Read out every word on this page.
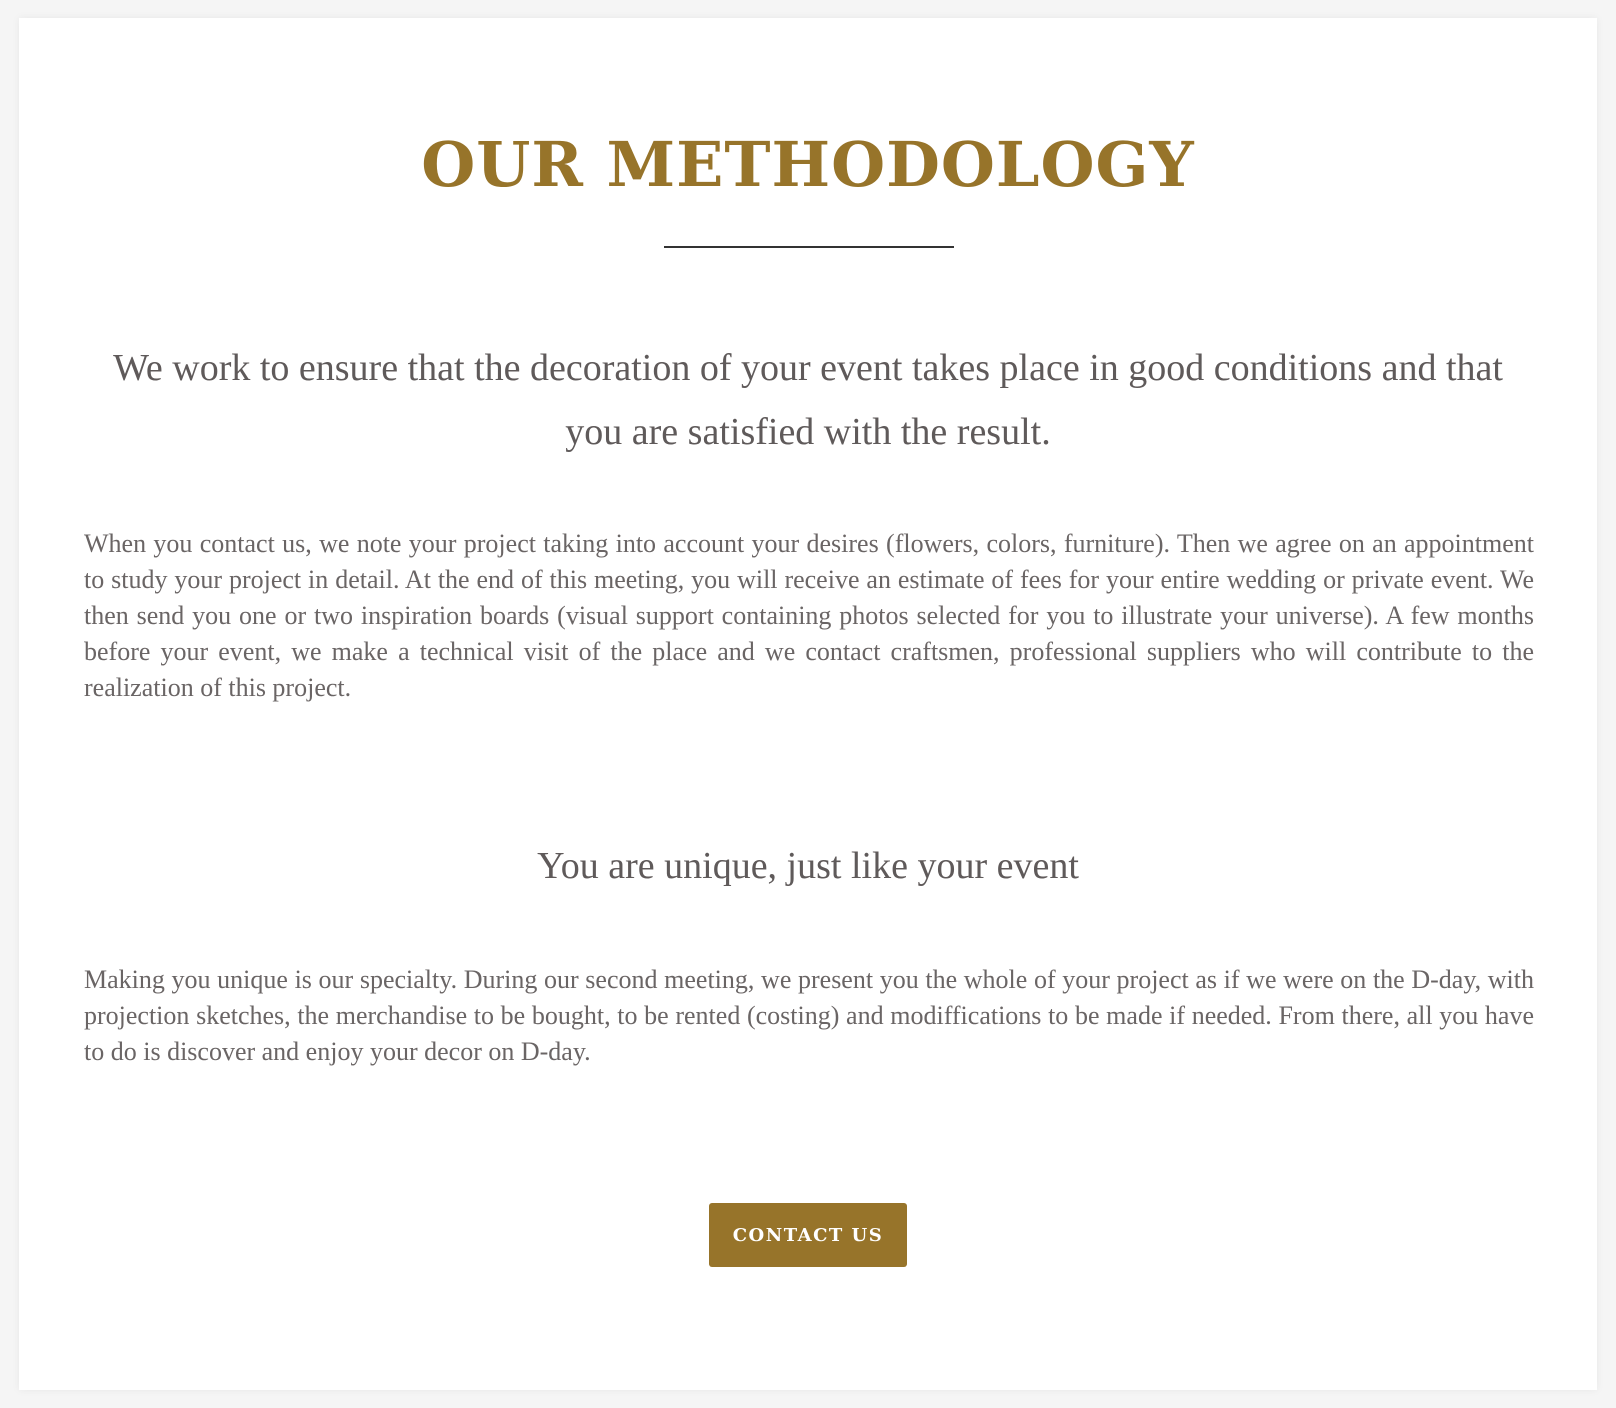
OUR METHODOLOGY
We work to ensure that the decoration of your event takes place in good conditions and that you are satisfied with the result.

When you contact us, we note your project taking into account your desires (flowers, colors, furniture). Then we agree on an appointment to study your project in detail. At the end of this meeting, you will receive an estimate of fees for your entire wedding or private event. We then send you one or two inspiration boards (visual support containing photos selected for you to illustrate your universe). A few months before your event, we make a technical visit of the place and we contact craftsmen, professional suppliers who will contribute to the realization of this project.

You are unique, just like your event

Making you unique is our specialty. During our second meeting, we present you the whole of your project as if we were on the D-day, with projection sketches, the merchandise to be bought, to be rented (costing) and modiffications to be made if needed. From there, all you have to do is discover and enjoy your decor on D-day.

CONTACT US
